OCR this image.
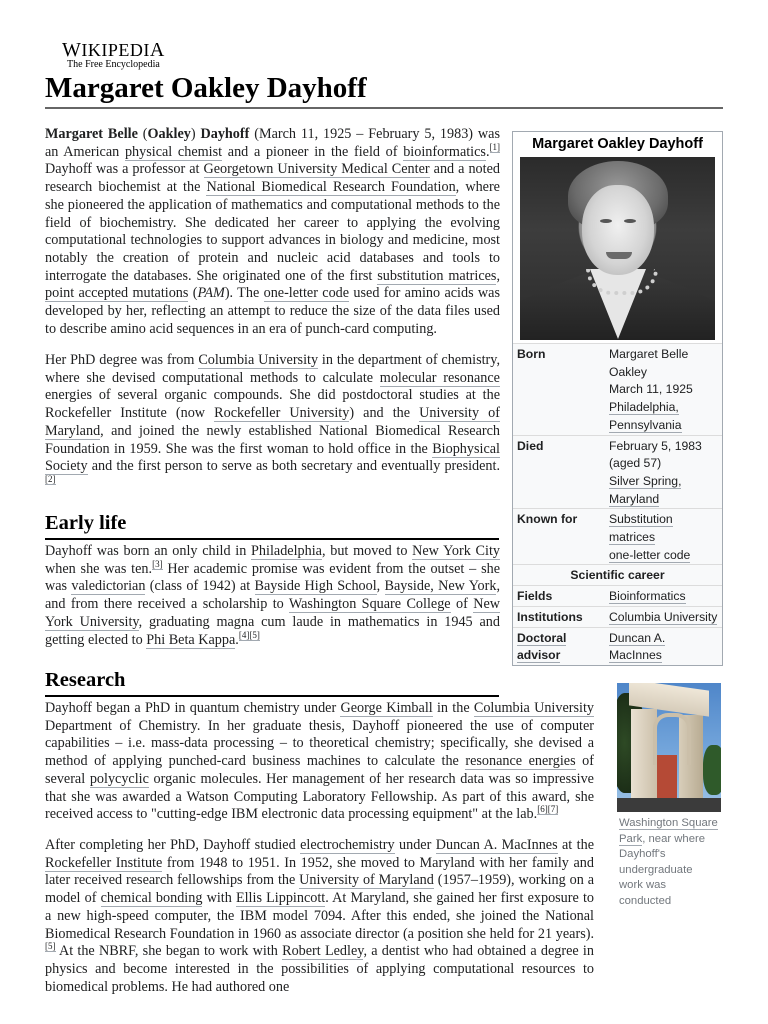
WIKIPEDIA
The Free Encyclopedia
Margaret Oakley Dayhoff

Margaret Belle (Oakley) Dayhoff (March 11, 1925 – February 5, 1983) was an American physical chemist and a pioneer in the field of bioinformatics.[1] Dayhoff was a professor at Georgetown University Medical Center and a noted research biochemist at the National Biomedical Research Foundation, where she pioneered the application of mathematics and computational methods to the field of biochemistry. She dedicated her career to applying the evolving computational technologies to support advances in biology and medicine, most notably the creation of protein and nucleic acid databases and tools to interrogate the databases. She originated one of the first substitution matrices, point accepted mutations (PAM). The one-letter code used for amino acids was developed by her, reflecting an attempt to reduce the size of the data files used to describe amino acid sequences in an era of punch-card computing.

Her PhD degree was from Columbia University in the department of chemistry, where she devised computational methods to calculate molecular resonance energies of several organic compounds. She did postdoctoral studies at the Rockefeller Institute (now Rockefeller University) and the University of Maryland, and joined the newly established National Biomedical Research Foundation in 1959. She was the first woman to hold office in the Biophysical Society and the first person to serve as both secretary and eventually president.[2]

Early life

Dayhoff was born an only child in Philadelphia, but moved to New York City when she was ten.[3] Her academic promise was evident from the outset – she was valedictorian (class of 1942) at Bayside High School, Bayside, New York, and from there received a scholarship to Washington Square College of New York University, graduating magna cum laude in mathematics in 1945 and getting elected to Phi Beta Kappa.[4][5]

Research

Dayhoff began a PhD in quantum chemistry under George Kimball in the Columbia University Department of Chemistry. In her graduate thesis, Dayhoff pioneered the use of computer capabilities – i.e. mass-data processing – to theoretical chemistry; specifically, she devised a method of applying punched-card business machines to calculate the resonance energies of several polycyclic organic molecules. Her management of her research data was so impressive that she was awarded a Watson Computing Laboratory Fellowship. As part of this award, she received access to "cutting-edge IBM electronic data processing equipment" at the lab.[6][7]

After completing her PhD, Dayhoff studied electrochemistry under Duncan A. MacInnes at the Rockefeller Institute from 1948 to 1951. In 1952, she moved to Maryland with her family and later received research fellowships from the University of Maryland (1957–1959), working on a model of chemical bonding with Ellis Lippincott. At Maryland, she gained her first exposure to a new high-speed computer, the IBM model 7094. After this ended, she joined the National Biomedical Research Foundation in 1960 as associate director (a position she held for 21 years).[5] At the NBRF, she began to work with Robert Ledley, a dentist who had obtained a degree in physics and become interested in the possibilities of applying computational resources to biomedical problems. He had authored one

Washington Square Park, near where Dayhoff's undergraduate work was conducted
Margaret Oakley Dayhoff
Born	Margaret Belle Oakley
March 11, 1925
Philadelphia,
Pennsylvania
Died	February 5, 1983
(aged 57)
Silver Spring,
Maryland
Known for	Substitution matrices
one-letter code
Scientific career	
Fields	Bioinformatics
Institutions	Columbia University
Doctoral advisor	Duncan A. MacInnes
